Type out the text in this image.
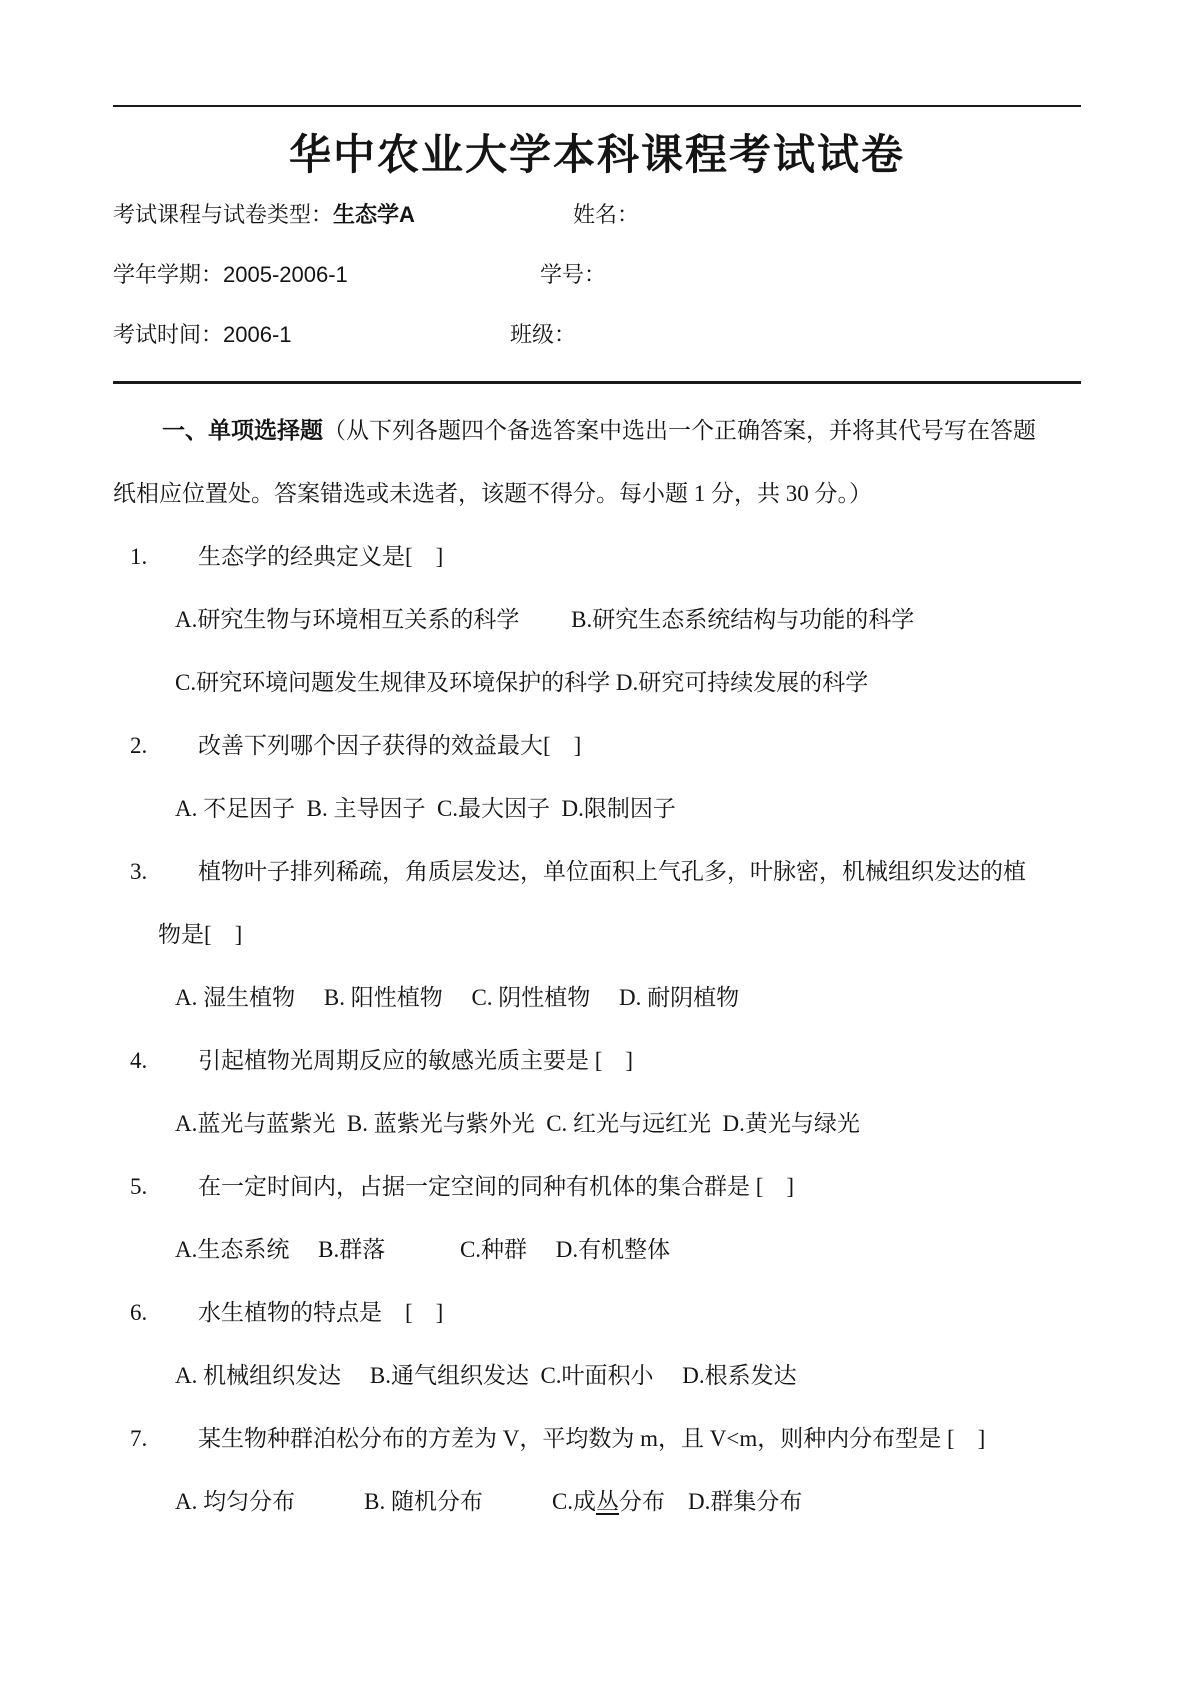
华中农业大学本科课程考试试卷
考试课程与试卷类型：生态学A	姓名：
学年学期：2005-2006-1	学号：
考试时间：2006-1	班级：
一、单项选择题（从下列各题四个备选答案中选出一个正确答案，并将其代号写在答题
纸相应位置处。答案错选或未选者，该题不得分。每小题 1 分，共 30 分。）
1. 生态学的经典定义是[　]
A.研究生物与环境相互关系的科学　　 B.研究生态系统结构与功能的科学
C.研究环境问题发生规律及环境保护的科学 D.研究可持续发展的科学
2. 改善下列哪个因子获得的效益最大[　]
A. 不足因子  B. 主导因子  C.最大因子  D.限制因子
3. 植物叶子排列稀疏，角质层发达，单位面积上气孔多，叶脉密，机械组织发达的植
物是[　]
A. 湿生植物　 B. 阳性植物　 C. 阴性植物　 D. 耐阴植物
4. 引起植物光周期反应的敏感光质主要是 [　]
A.蓝光与蓝紫光  B. 蓝紫光与紫外光  C. 红光与远红光  D.黄光与绿光
5. 在一定时间内，占据一定空间的同种有机体的集合群是 [　]
A.生态系统　 B.群落　　　 C.种群　 D.有机整体
6. 水生植物的特点是　[　]
A. 机械组织发达　 B.通气组织发达  C.叶面积小　 D.根系发达
7. 某生物种群泊松分布的方差为 V，平均数为 m，且 V<m，则种内分布型是 [　]
A. 均匀分布　　　B. 随机分布　　　C.成丛分布　D.群集分布
